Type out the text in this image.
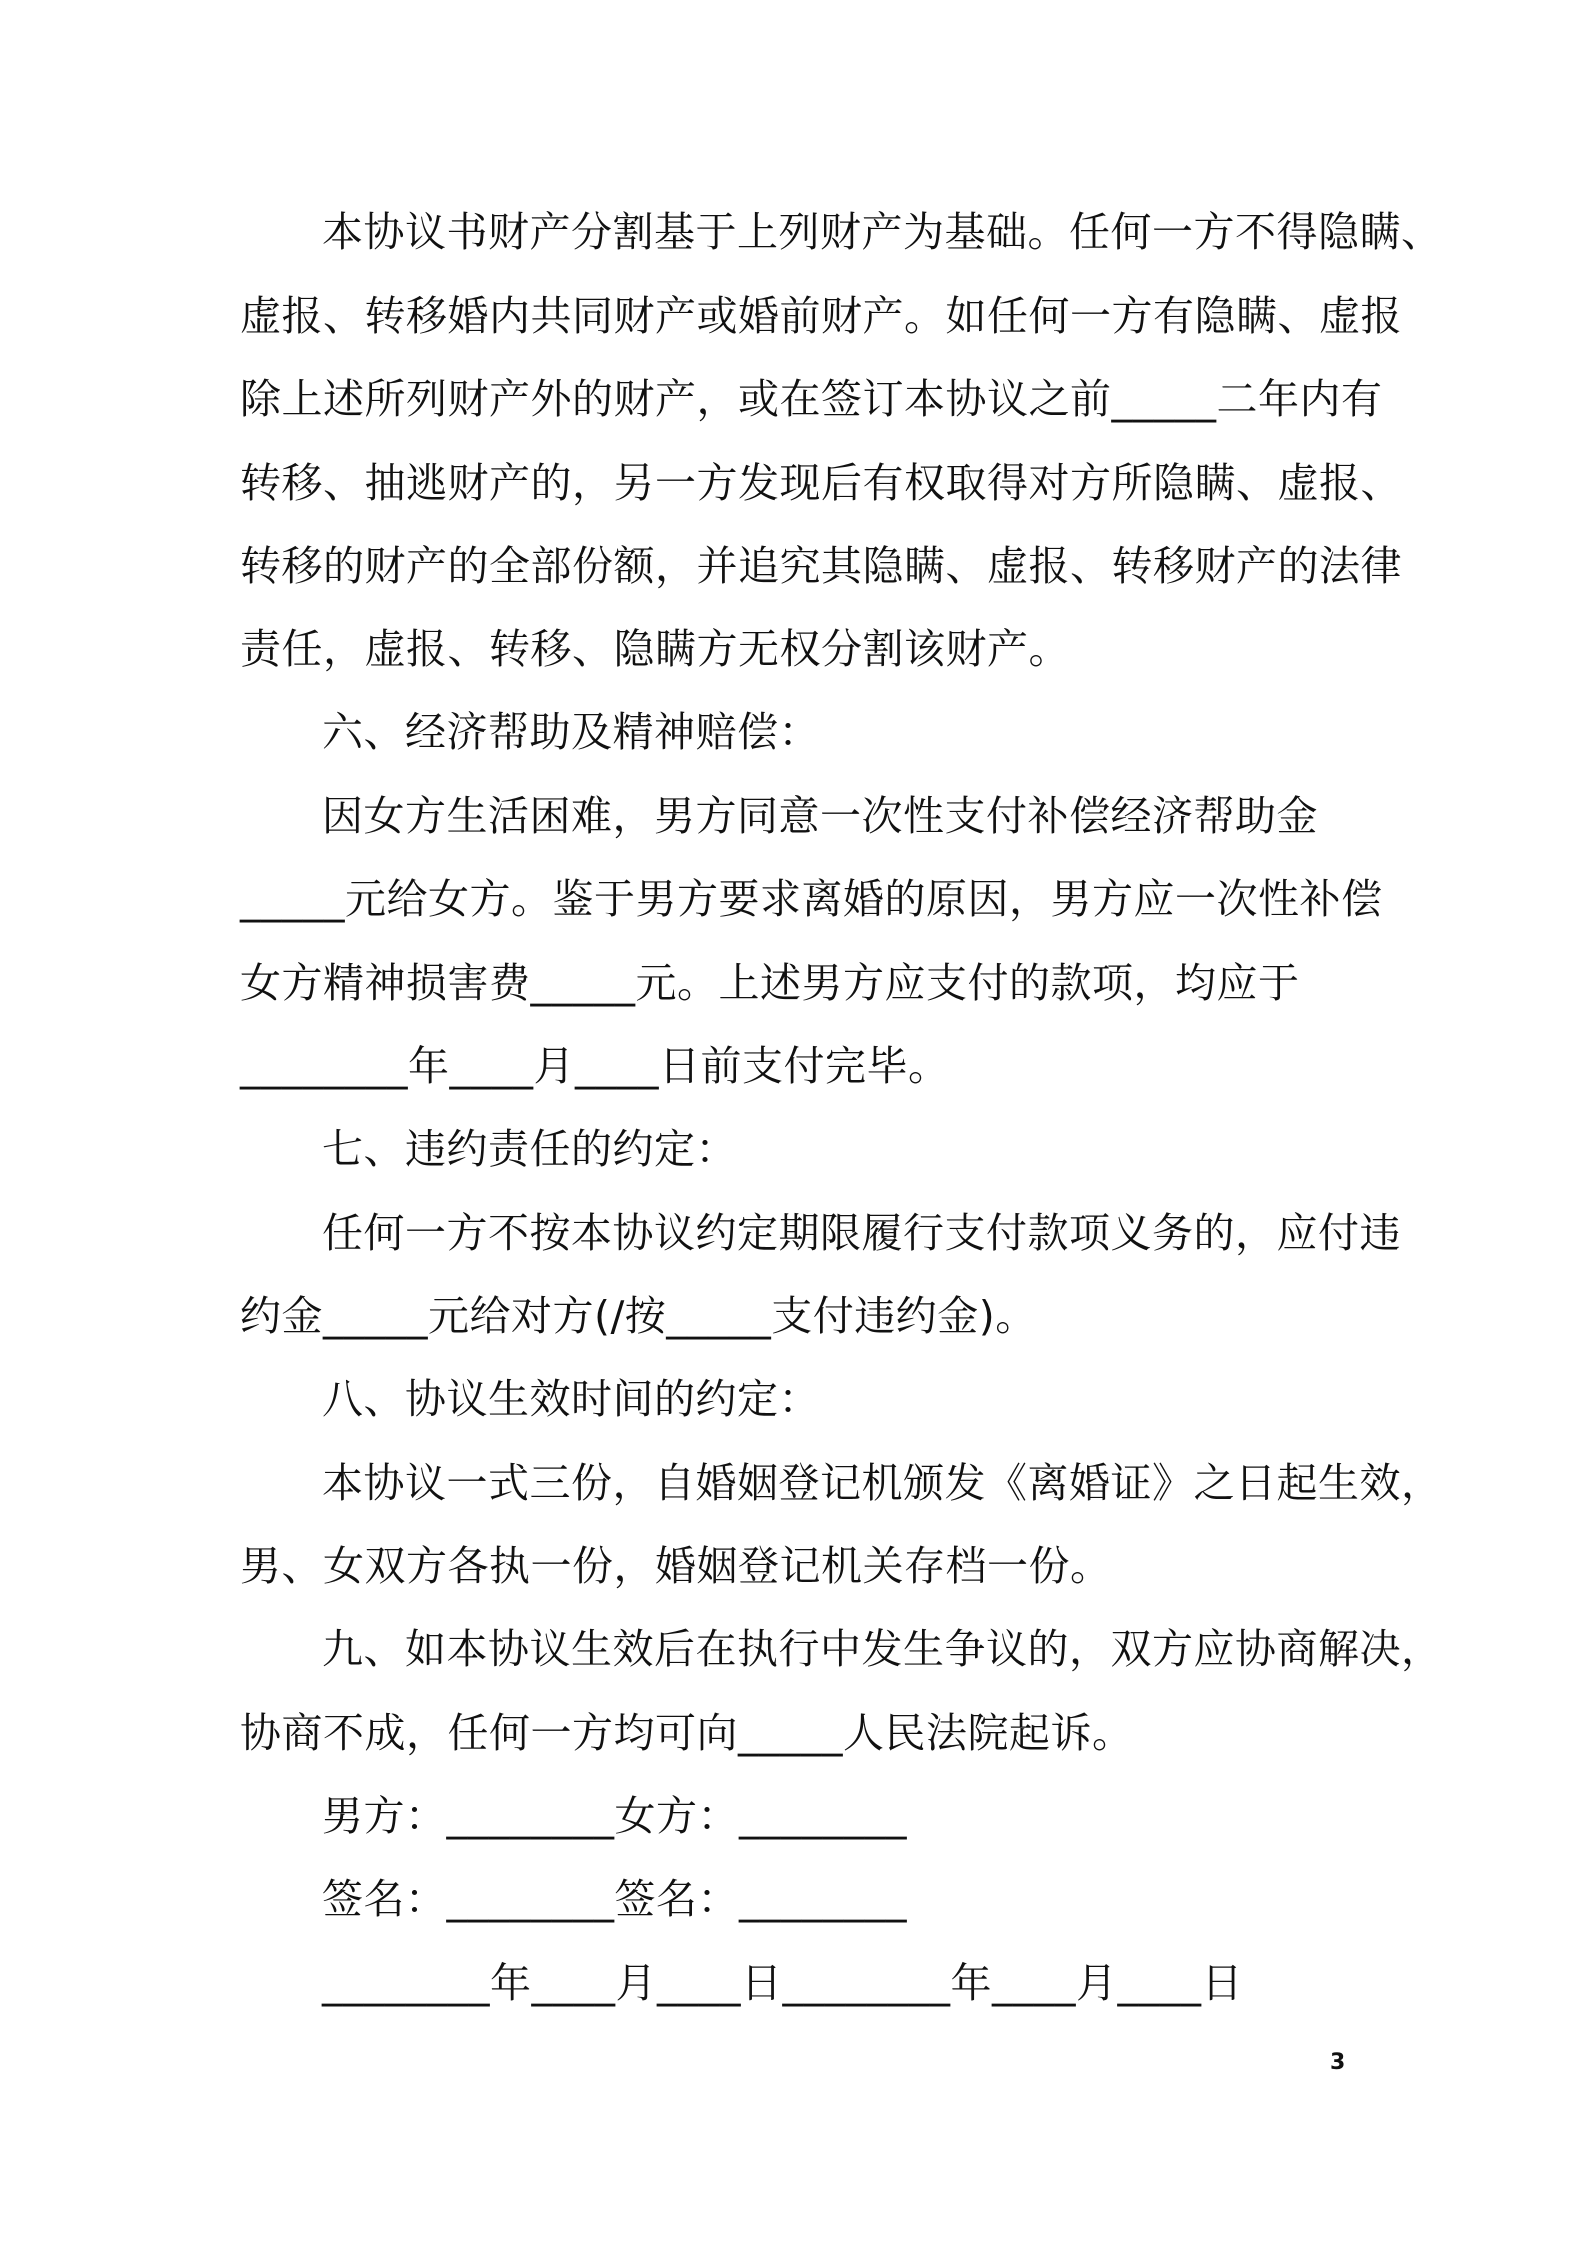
本协议书财产分割基于上列财产为基础。任何一方不得隐瞒、
虚报、转移婚内共同财产或婚前财产。如任何一方有隐瞒、虚报
除上述所列财产外的财产，或在签订本协议之前_____二年内有
转移、抽逃财产的，另一方发现后有权取得对方所隐瞒、虚报、
转移的财产的全部份额，并追究其隐瞒、虚报、转移财产的法律
责任，虚报、转移、隐瞒方无权分割该财产。
六、经济帮助及精神赔偿：
因女方生活困难，男方同意一次性支付补偿经济帮助金
_____元给女方。鉴于男方要求离婚的原因，男方应一次性补偿
女方精神损害费_____元。上述男方应支付的款项，均应于
________年____月____日前支付完毕。
七、违约责任的约定：
任何一方不按本协议约定期限履行支付款项义务的，应付违
约金_____元给对方(/按_____支付违约金)。
八、协议生效时间的约定：
本协议一式三份，自婚姻登记机颁发《离婚证》之日起生效，
男、女双方各执一份，婚姻登记机关存档一份。
九、如本协议生效后在执行中发生争议的，双方应协商解决，
协商不成，任何一方均可向_____人民法院起诉。
男方：________女方：________
签名：________签名：________
________年____月____日________年____月____日
3
